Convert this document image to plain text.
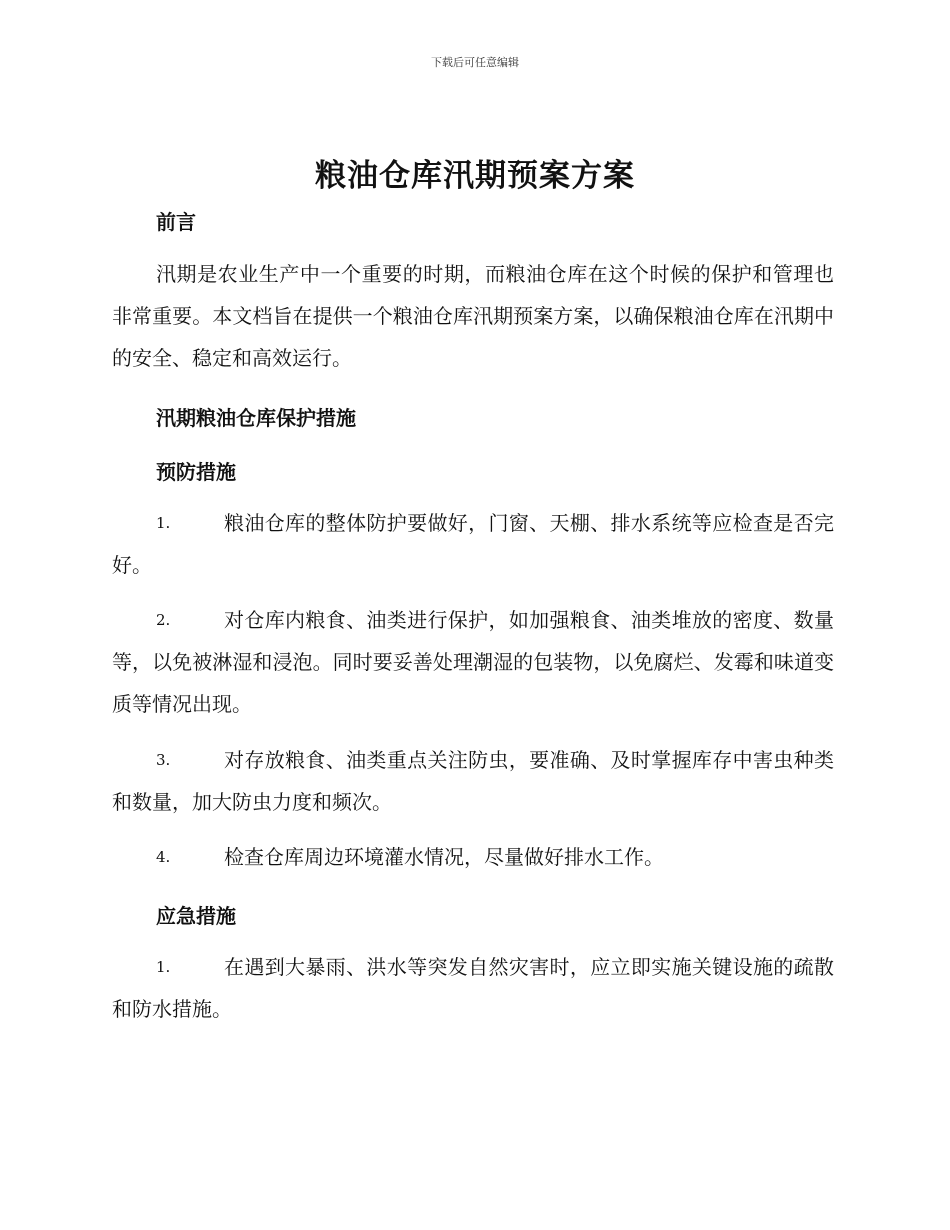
下载后可任意编辑
粮油仓库汛期预案方案
前言
汛期是农业生产中一个重要的时期，而粮油仓库在这个时候的保护和管理也非常重要。本文档旨在提供一个粮油仓库汛期预案方案，以确保粮油仓库在汛期中的安全、稳定和高效运行。
汛期粮油仓库保护措施
预防措施
1.	粮油仓库的整体防护要做好，门窗、天棚、排水系统等应检查是否完好。
2.	对仓库内粮食、油类进行保护，如加强粮食、油类堆放的密度、数量等，以免被淋湿和浸泡。同时要妥善处理潮湿的包装物，以免腐烂、发霉和味道变质等情况出现。
3.	对存放粮食、油类重点关注防虫，要准确、及时掌握库存中害虫种类和数量，加大防虫力度和频次。
4.	检查仓库周边环境灌水情况，尽量做好排水工作。
应急措施
1.	在遇到大暴雨、洪水等突发自然灾害时，应立即实施关键设施的疏散和防水措施。
